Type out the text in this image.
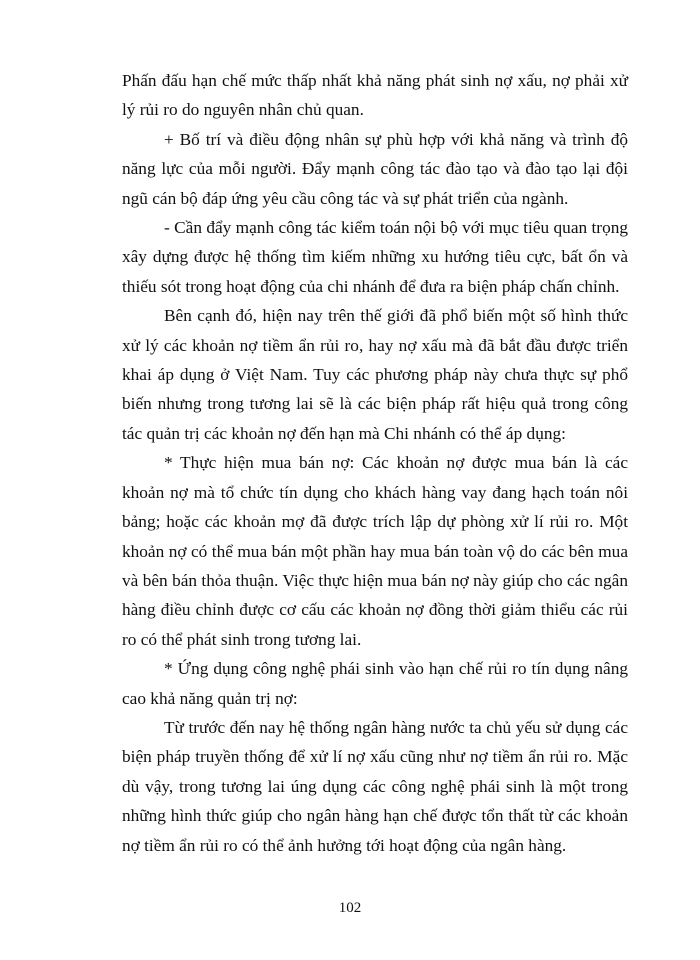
Phấn đấu hạn chế mức thấp nhất khả năng phát sinh nợ xấu, nợ phải xử lý rủi ro do nguyên nhân chủ quan.

+ Bố trí và điều động nhân sự phù hợp với khả năng và trình độ năng lực của mỗi người. Đẩy mạnh công tác đào tạo và đào tạo lại đội ngũ cán bộ đáp ứng yêu cầu công tác và sự phát triển của ngành.

- Cần đẩy mạnh công tác kiểm toán nội bộ với mục tiêu quan trọng xây dựng được hệ thống tìm kiếm những xu hướng tiêu cực, bất ổn và thiếu sót trong hoạt động của chi nhánh để đưa ra biện pháp chấn chỉnh.

Bên cạnh đó, hiện nay trên thế giới đã phổ biến một số hình thức xử lý các khoản nợ tiềm ẩn rủi ro, hay nợ xấu mà đã bắt đầu được triển khai áp dụng ở Việt Nam. Tuy các phương pháp này chưa thực sự phổ biến nhưng trong tương lai sẽ là các biện pháp rất hiệu quả trong công tác quản trị các khoản nợ đến hạn mà Chi nhánh có thể áp dụng:

* Thực hiện mua bán nợ: Các khoản nợ được mua bán là các khoản nợ mà tổ chức tín dụng cho khách hàng vay đang hạch toán nôi bảng; hoặc các khoản mợ đã được trích lập dự phòng xử lí rủi ro. Một khoản nợ có thể mua bán một phần hay mua bán toàn vộ do các bên mua và bên bán thỏa thuận. Việc thực hiện mua bán nợ này giúp cho các ngân hàng điều chỉnh được cơ cấu các khoản nợ đồng thời giảm thiểu các rủi ro có thể phát sinh trong tương lai.

* Ứng dụng công nghệ phái sinh vào hạn chế rủi ro tín dụng nâng cao khả năng quản trị nợ:

Từ trước đến nay hệ thống ngân hàng nước ta chủ yếu sử dụng các biện pháp truyền thống để xử lí nợ xấu cũng như nợ tiềm ẩn rủi ro. Mặc dù vậy, trong tương lai úng dụng các công nghệ phái sinh là một trong những hình thức giúp cho ngân hàng hạn chế được tổn thất từ các khoản nợ tiềm ẩn rủi ro có thể ảnh hưởng tới hoạt động của ngân hàng.

102
